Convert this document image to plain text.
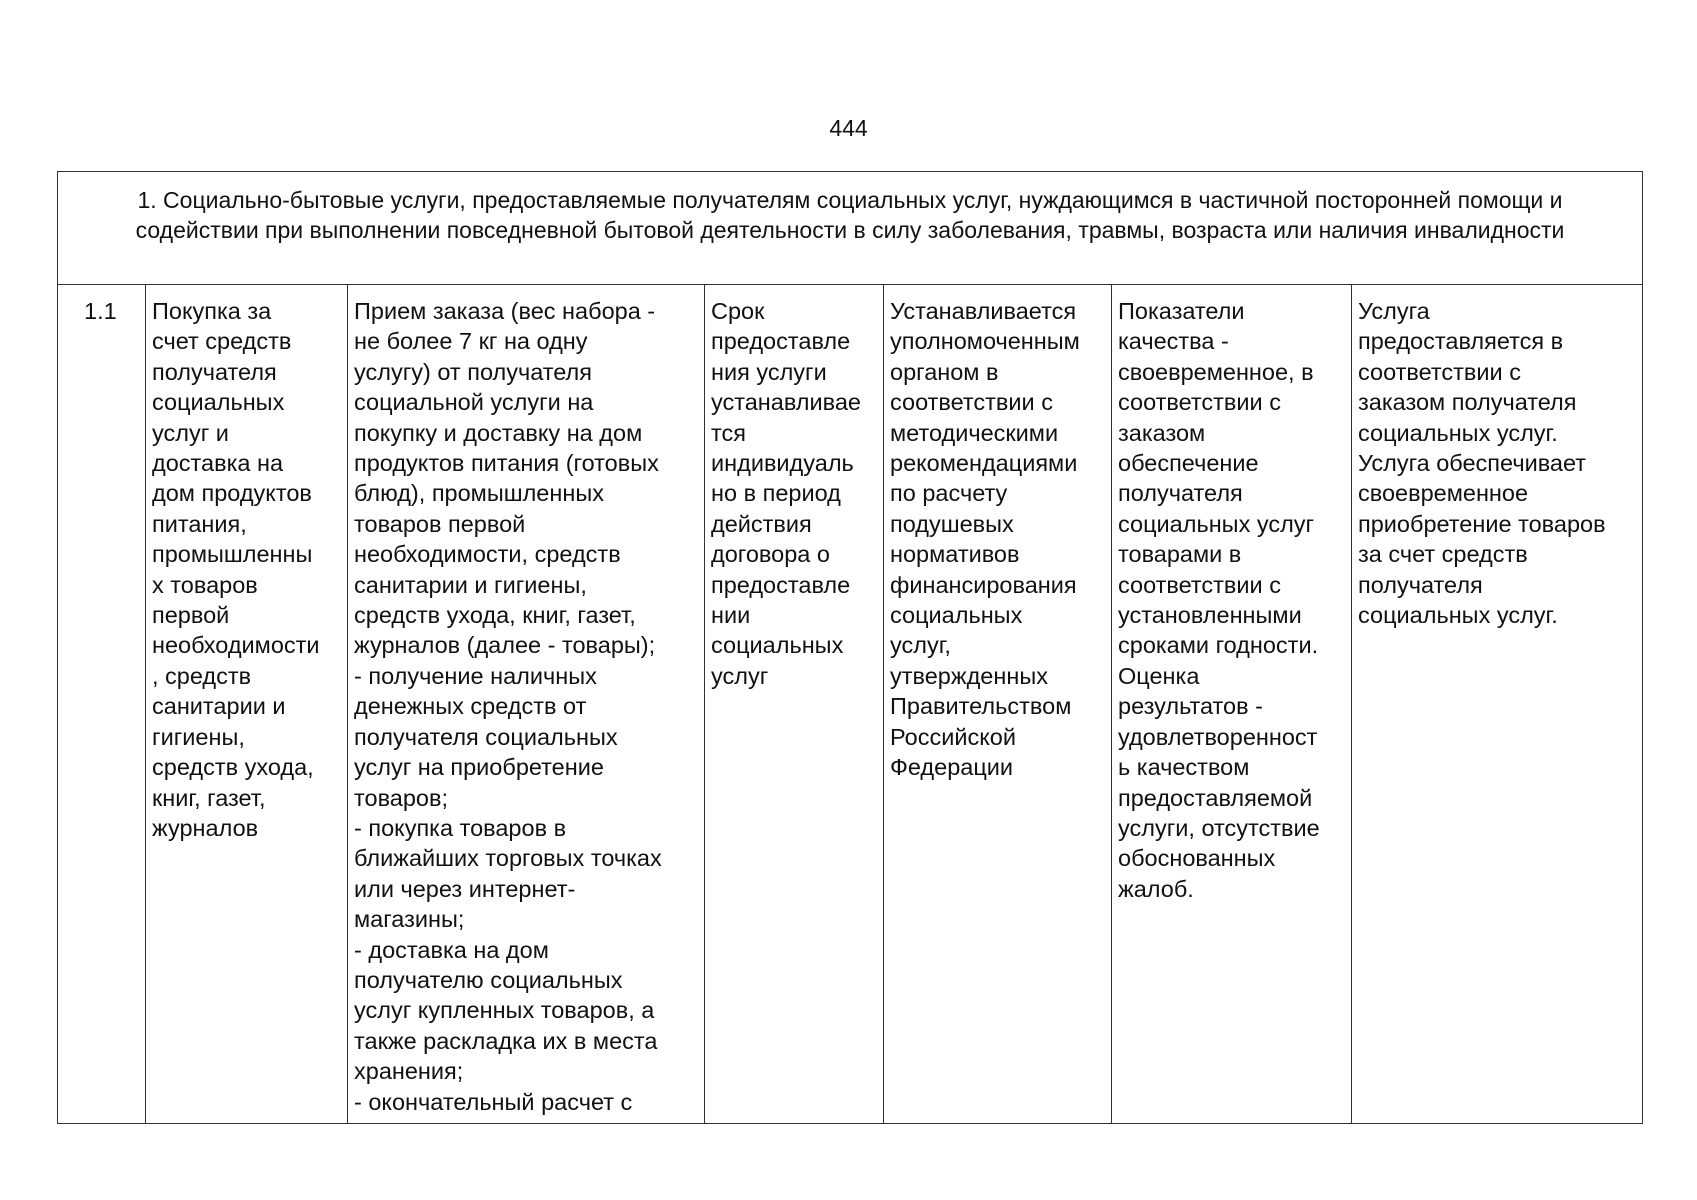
444
1. Социально-бытовые услуги, предоставляемые получателям социальных услуг, нуждающимся в частичной посторонней помощи и содействии при выполнении повседневной бытовой деятельности в силу заболевания, травмы, возраста или наличия инвалидности
1.1	Покупка за
счет средств
получателя
социальных
услуг и
доставка на
дом продуктов
питания,
промышленны
х товаров
первой
необходимости
, средств
санитарии и
гигиены,
средств ухода,
книг, газет,
журналов
Прием заказа (вес набора -
не более 7 кг на одну
услугу) от получателя
социальной услуги на
покупку и доставку на дом
продуктов питания (готовых
блюд), промышленных
товаров первой
необходимости, средств
санитарии и гигиены,
средств ухода, книг, газет,
журналов (далее - товары);
- получение наличных
денежных средств от
получателя социальных
услуг на приобретение
товаров;
- покупка товаров в
ближайших торговых точках
или через интернет-
магазины;
- доставка на дом
получателю социальных
услуг купленных товаров, а
также раскладка их в места
хранения;
- окончательный расчет с
Срок
предоставле
ния услуги
устанавливае
тся
индивидуаль
но в период
действия
договора о
предоставле
нии
социальных
услуг
Устанавливается
уполномоченным
органом в
соответствии с
методическими
рекомендациями
по расчету
подушевых
нормативов
финансирования
социальных
услуг,
утвержденных
Правительством
Российской
Федерации
Показатели
качества -
своевременное, в
соответствии с
заказом
обеспечение
получателя
социальных услуг
товарами в
соответствии с
установленными
сроками годности.
Оценка
результатов -
удовлетворенност
ь качеством
предоставляемой
услуги, отсутствие
обоснованных
жалоб.
Услуга
предоставляется в
соответствии с
заказом получателя
социальных услуг.
Услуга обеспечивает
своевременное
приобретение товаров
за счет средств
получателя
социальных услуг.
